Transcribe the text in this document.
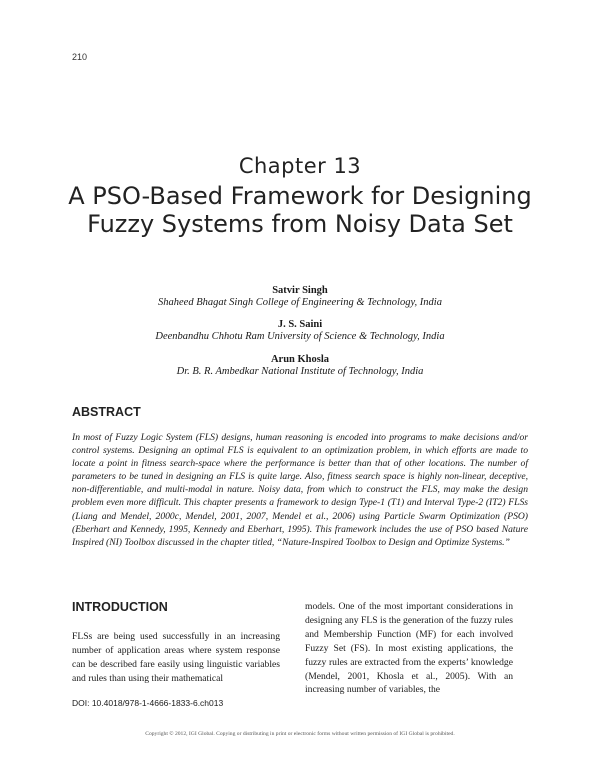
210
Chapter 13
A PSO-Based Framework for Designing Fuzzy Systems from Noisy Data Set
Satvir Singh
Shaheed Bhagat Singh College of Engineering & Technology, India
J. S. Saini
Deenbandhu Chhotu Ram University of Science & Technology, India
Arun Khosla
Dr. B. R. Ambedkar National Institute of Technology, India
ABSTRACT
In most of Fuzzy Logic System (FLS) designs, human reasoning is encoded into programs to make decisions and/or control systems. Designing an optimal FLS is equivalent to an optimization problem, in which efforts are made to locate a point in fitness search-space where the performance is better than that of other locations. The number of parameters to be tuned in designing an FLS is quite large. Also, fitness search space is highly non-linear, deceptive, non-differentiable, and multi-modal in nature. Noisy data, from which to construct the FLS, may make the design problem even more difficult. This chapter presents a framework to design Type-1 (T1) and Interval Type-2 (IT2) FLSs (Liang and Mendel, 2000c, Mendel, 2001, 2007, Mendel et al., 2006) using Particle Swarm Optimization (PSO) (Eberhart and Kennedy, 1995, Kennedy and Eberhart, 1995). This framework includes the use of PSO based Nature Inspired (NI) Toolbox discussed in the chapter titled, “Nature-Inspired Toolbox to Design and Optimize Systems.”
INTRODUCTION
FLSs are being used successfully in an increasing number of application areas where system response can be described fare easily using linguistic variables and rules than using their mathematical
models. One of the most important considerations in designing any FLS is the generation of the fuzzy rules and Membership Function (MF) for each involved Fuzzy Set (FS). In most existing applications, the fuzzy rules are extracted from the experts’ knowledge (Mendel, 2001, Khosla et al., 2005). With an increasing number of variables, the
DOI: 10.4018/978-1-4666-1833-6.ch013
Copyright © 2012, IGI Global. Copying or distributing in print or electronic forms without written permission of IGI Global is prohibited.
